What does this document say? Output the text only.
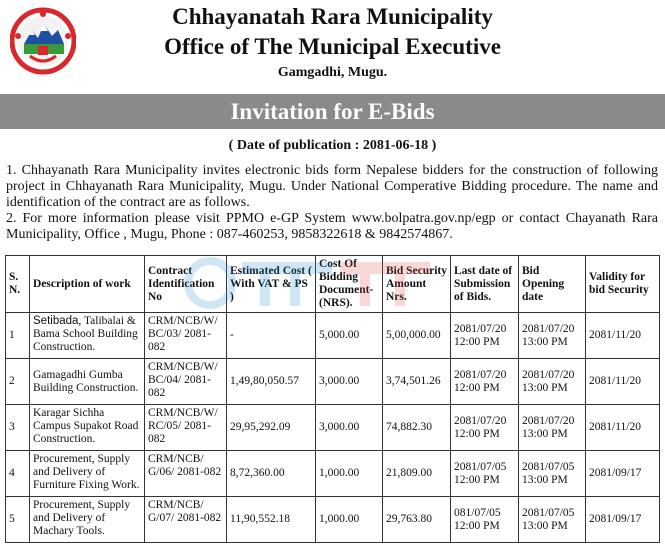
Chhayanatah Rara Municipality
Office of The Municipal Executive
Gamgadhi, Mugu.
Invitation for E-Bids
( Date of publication : 2081-06-18 )
1. Chhayanath Rara Municipality invites electronic bids form Nepalese bidders for the construction of following project in Chhayanath Rara Municipality, Mugu. Under National Comperative Bidding procedure. The name and identification of the contract are as follows.
2. For more information please visit PPMO e-GP System www.bolpatra.gov.np/egp or contact Chayanath Rara Municipality, Office , Mugu, Phone : 087-460253, 9858322618 & 9842574867.
S. N.	Description of work	Contract Identification No	Estimated Cost ( With VAT & PS )	Cost Of Bidding Document-(NRS).	Bid Security Amount Nrs.	Last date of Submission of Bids.	Bid Opening date	Validity for bid Security
1	Setibada, Talibalai & Bama School Building Construction.	CRM/NCB/W/ BC/03/ 2081-082	-	5,000.00	5,00,000.00	2081/07/20 12:00 PM	2081/07/20 13:00 PM	2081/11/20
2	Gamagadhi Gumba Building Construction.	CRM/NCB/W/ BC/04/ 2081-082	1,49,80,050.57	3,000.00	3,74,501.26	2081/07/20 12:00 PM	2081/07/20 13:00 PM	2081/11/20
3	Karagar Sichha Campus Supakot Road Construction.	CRM/NCB/W/ RC/05/ 2081-082	29,95,292.09	3,000.00	74,882.30	2081/07/20 12:00 PM	2081/07/20 13:00 PM	2081/11/20
4	Procurement, Supply and Delivery of Furniture Fixing Work.	CRM/NCB/ G/06/ 2081-082	8,72,360.00	1,000.00	21,809.00	2081/07/05 12:00 PM	2081/07/05 13:00 PM	2081/09/17
5	Procurement, Supply and Delivery of Machary Tools.	CRM/NCB/ G/07/ 2081-082	11,90,552.18	1,000.00	29,763.80	081/07/05 12:00 PM	2081/07/05 13:00 PM	2081/09/17
